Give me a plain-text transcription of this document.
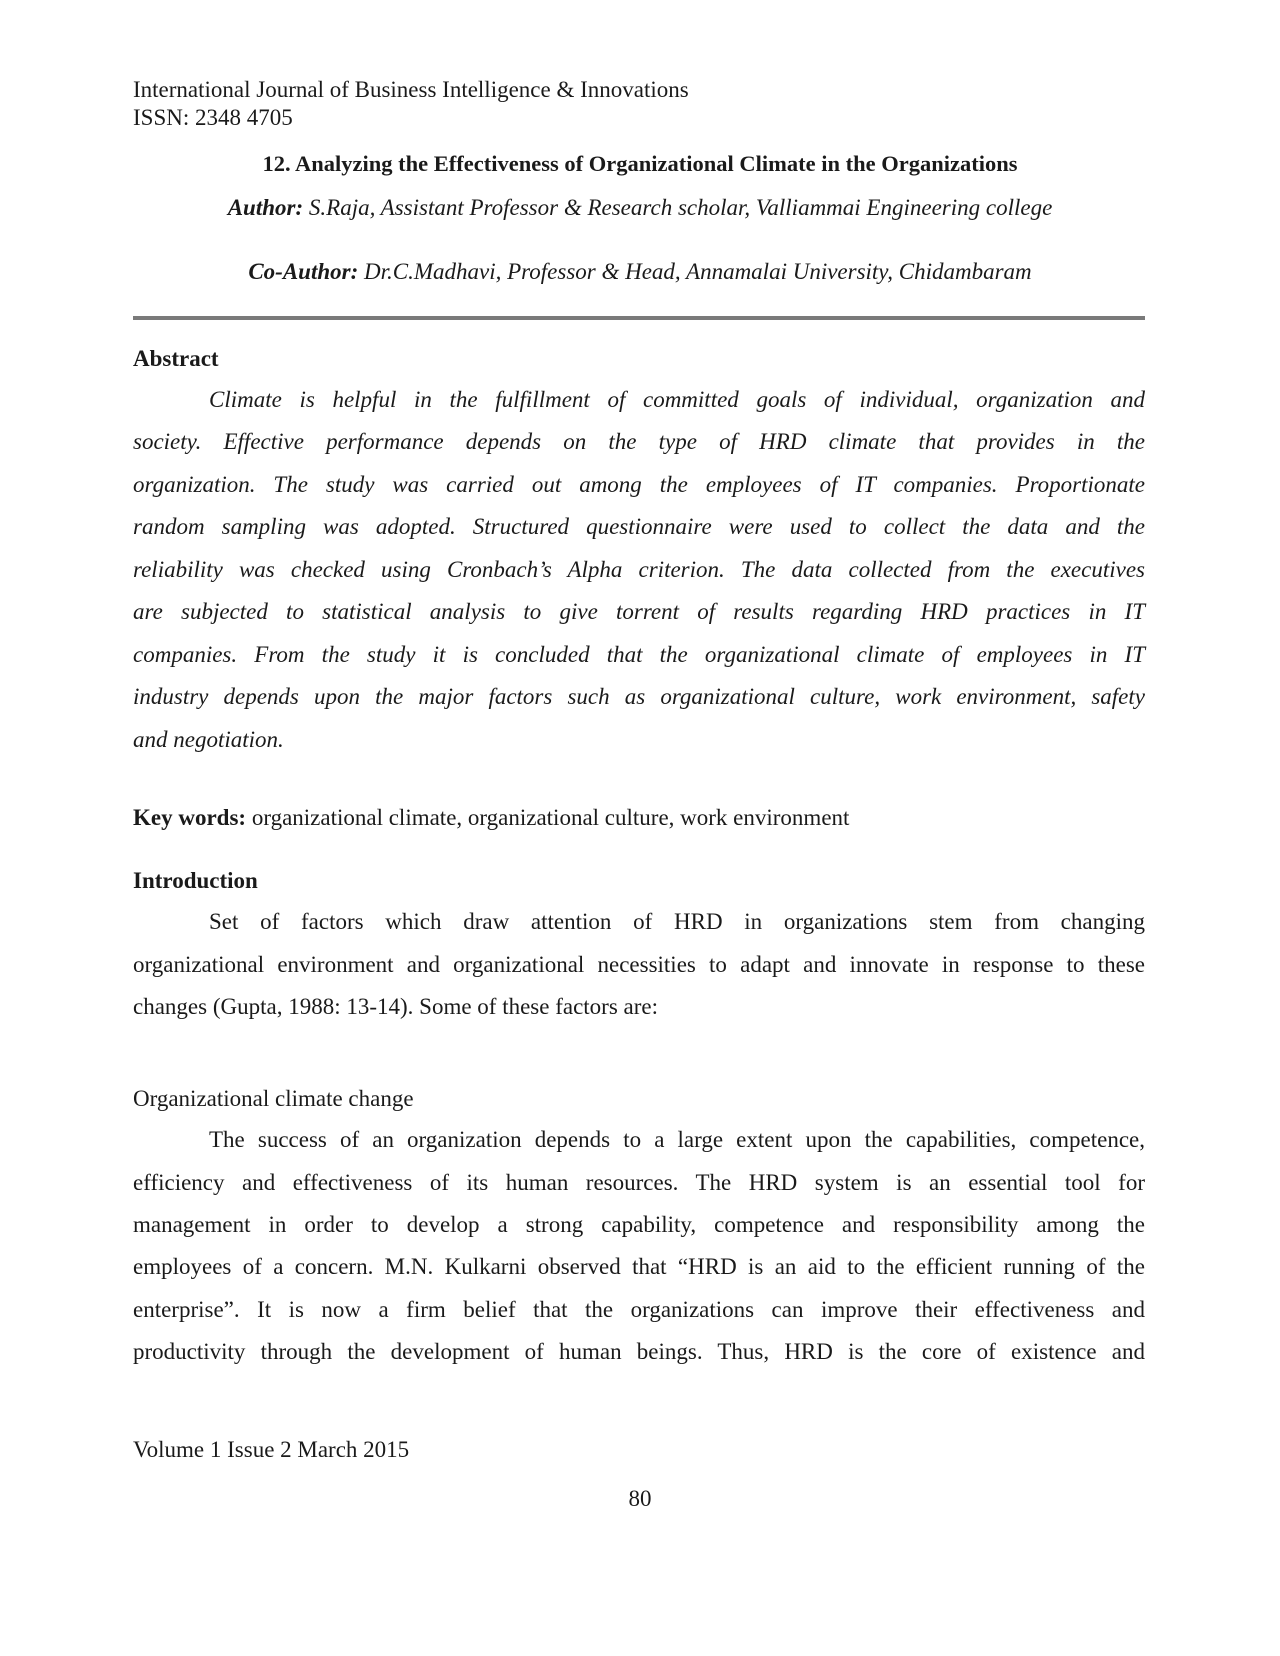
International Journal of Business Intelligence & Innovations
ISSN: 2348 4705
12. Analyzing the Effectiveness of Organizational Climate in the Organizations
Author: S.Raja, Assistant Professor & Research scholar, Valliammai Engineering college
Co-Author: Dr.C.Madhavi, Professor & Head, Annamalai University, Chidambaram
Abstract
Climate is helpful in the fulfillment of committed goals of individual, organization and
society. Effective performance depends on the type of HRD climate that provides in the
organization. The study was carried out among the employees of IT companies. Proportionate
random sampling was adopted. Structured questionnaire were used to collect the data and the
reliability was checked using Cronbach’s Alpha criterion. The data collected from the executives
are subjected to statistical analysis to give torrent of results regarding HRD practices in IT
companies. From the study it is concluded that the organizational climate of employees in IT
industry depends upon the major factors such as organizational culture, work environment, safety
and negotiation.
Key words: organizational climate, organizational culture, work environment
Introduction
Set of factors which draw attention of HRD in organizations stem from changing
organizational environment and organizational necessities to adapt and innovate in response to these
changes (Gupta, 1988: 13-14). Some of these factors are:
Organizational climate change
The success of an organization depends to a large extent upon the capabilities, competence,
efficiency and effectiveness of its human resources. The HRD system is an essential tool for
management in order to develop a strong capability, competence and responsibility among the
employees of a concern. M.N. Kulkarni observed that “HRD is an aid to the efficient running of the
enterprise”. It is now a firm belief that the organizations can improve their effectiveness and
productivity through the development of human beings. Thus, HRD is the core of existence and
Volume 1 Issue 2 March 2015
80
